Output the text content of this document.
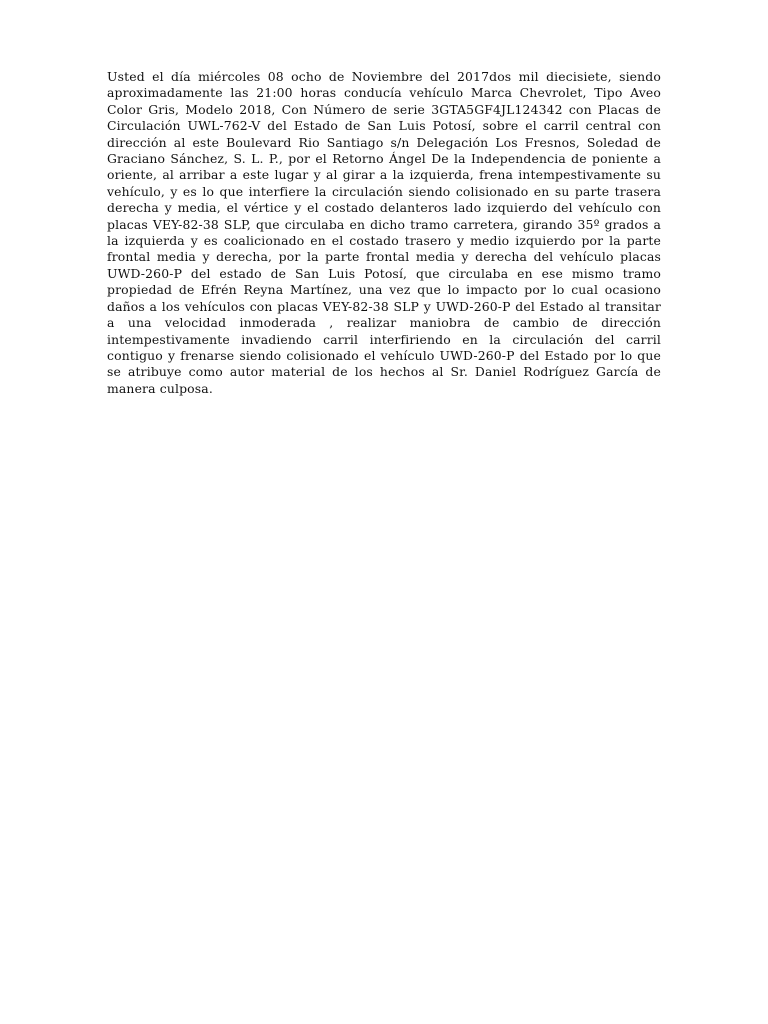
Usted el día miércoles 08 ocho de Noviembre del 2017dos mil diecisiete, siendo aproximadamente las 21:00 horas conducía vehículo Marca Chevrolet, Tipo Aveo Color Gris, Modelo 2018, Con Número de serie 3GTA5GF4JL124342 con Placas de Circulación UWL-762-V del Estado de San Luis Potosí, sobre el carril central con dirección al este Boulevard Rio Santiago s/n Delegación Los Fresnos, Soledad de Graciano Sánchez, S. L. P., por el Retorno Ángel De la Independencia de poniente a oriente, al arribar a este lugar y al girar a la izquierda, frena intempestivamente su vehículo, y es lo que interfiere la circulación siendo colisionado en su parte trasera derecha y media, el vértice y el costado delanteros lado izquierdo del vehículo con placas VEY-82-38 SLP, que circulaba en dicho tramo carretera, girando 35º grados a la izquierda y es coalicionado en el costado trasero y medio izquierdo por la parte frontal media y derecha, por la parte frontal media y derecha del vehículo placas UWD-260-P del estado de San Luis Potosí, que circulaba en ese mismo tramo propiedad de Efrén Reyna Martínez, una vez que lo impacto por lo cual ocasiono daños a los vehículos con placas VEY-82-38 SLP y UWD-260-P del Estado al transitar a una velocidad inmoderada , realizar maniobra de cambio de dirección intempestivamente invadiendo carril interfiriendo en la circulación del carril contiguo y frenarse siendo colisionado el vehículo UWD-260-P del Estado por lo que se atribuye como autor material de los hechos al Sr. Daniel Rodríguez García de manera culposa.
